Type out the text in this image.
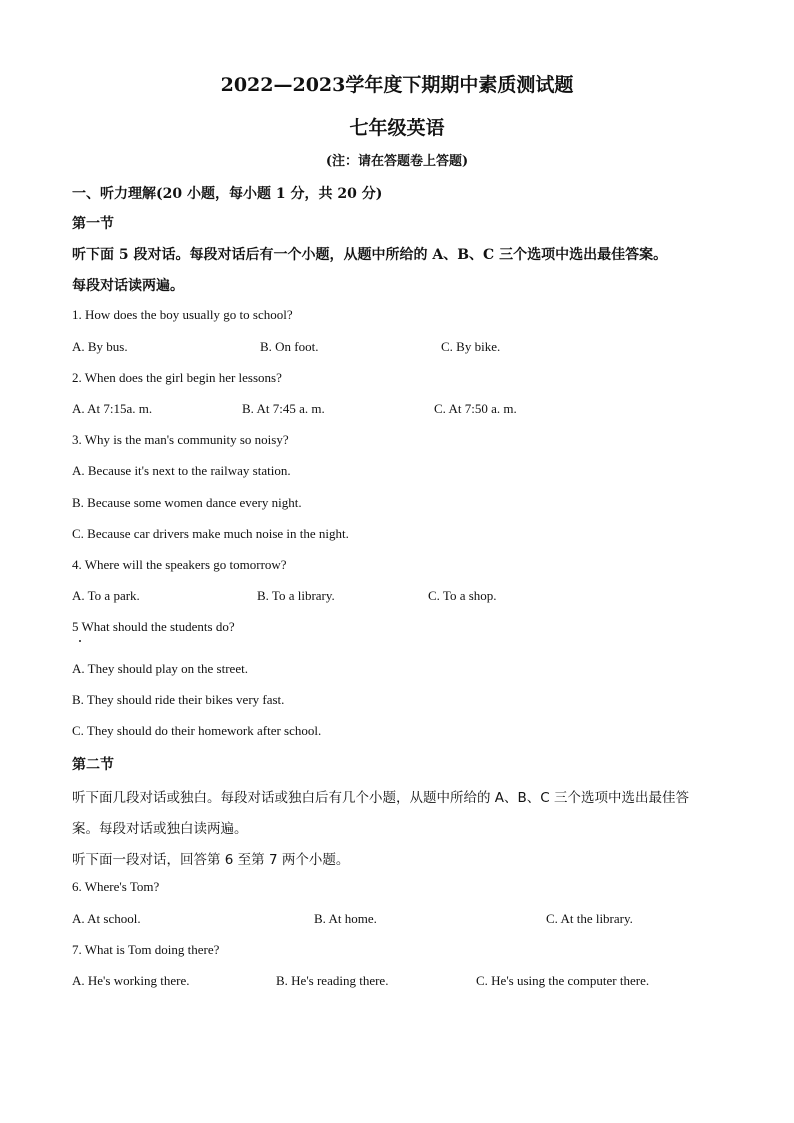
2022—2023学年度下期期中素质测试题
七年级英语
(注：请在答题卷上答题)
一、听力理解(20 小题，每小题 1 分，共 20 分)
第一节
听下面 5 段对话。每段对话后有一个小题，从题中所给的 A、B、C 三个选项中选出最佳答案。
每段对话读两遍。
1. How does the boy usually go to school?
A. By bus.	B. On foot.	C. By bike.
2. When does the girl begin her lessons?
A. At 7:15a. m.	B. At 7:45 a. m.	C. At 7:50 a. m.
3. Why is the man's community so noisy?
A. Because it's next to the railway station.
B. Because some women dance every night.
C. Because car drivers make much noise in the night.
4. Where will the speakers go tomorrow?
A. To a park.	B. To a library.	C. To a shop.
5 What should the students do?
A. They should play on the street.
B. They should ride their bikes very fast.
C. They should do their homework after school.
第二节
听下面几段对话或独白。每段对话或独白后有几个小题，从题中所给的 A、B、C 三个选项中选出最佳答
案。每段对话或独白读两遍。
听下面一段对话，回答第 6 至第 7 两个小题。
6. Where's Tom?
A. At school.	B. At home.	C. At the library.
7. What is Tom doing there?
A. He's working there.	B. He's reading there.	C. He's using the computer there.
